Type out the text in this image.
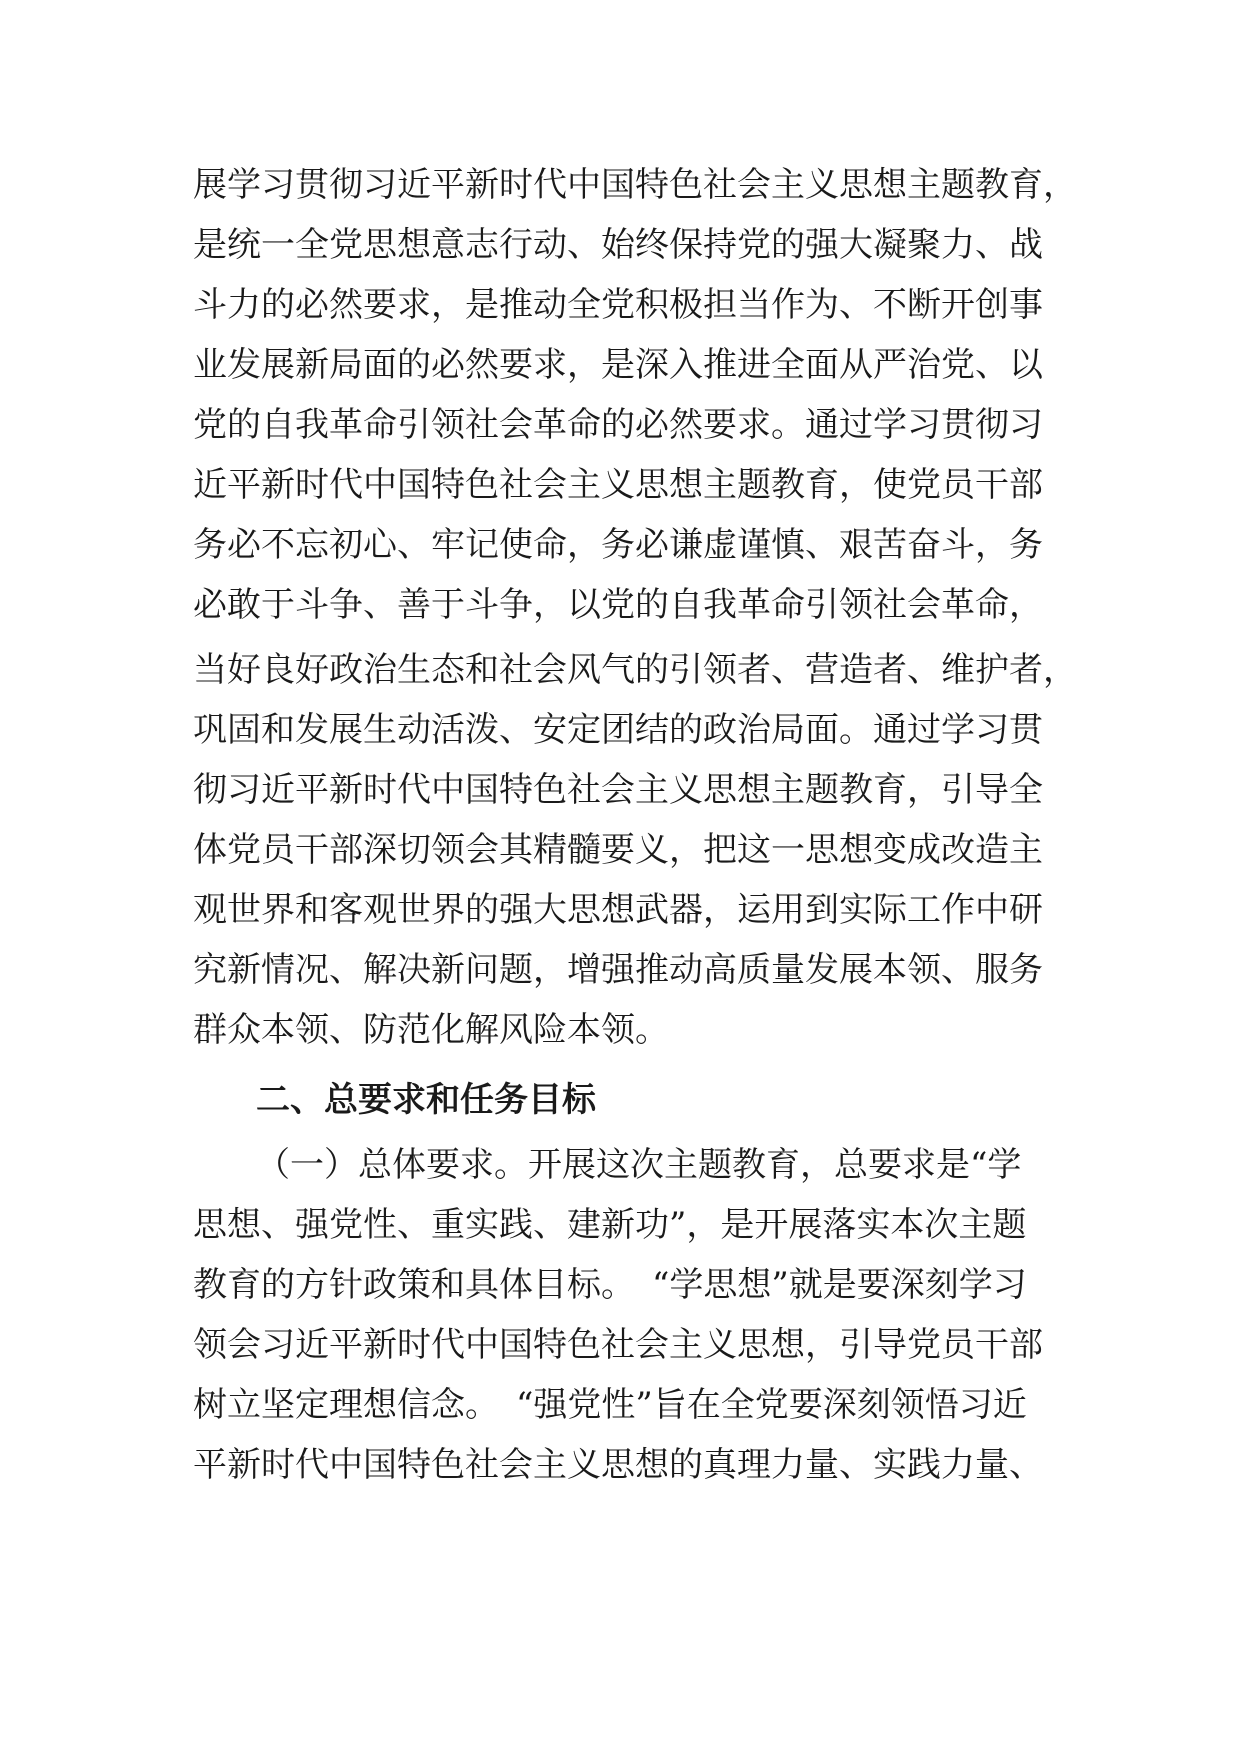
展学习贯彻习近平新时代中国特色社会主义思想主题教育，
是统一全党思想意志行动、始终保持党的强大凝聚力、战
斗力的必然要求，是推动全党积极担当作为、不断开创事
业发展新局面的必然要求，是深入推进全面从严治党、以
党的自我革命引领社会革命的必然要求。通过学习贯彻习
近平新时代中国特色社会主义思想主题教育，使党员干部
务必不忘初心、牢记使命，务必谦虚谨慎、艰苦奋斗，务
必敢于斗争、善于斗争，以党的自我革命引领社会革命，
当好良好政治生态和社会风气的引领者、营造者、维护者，
巩固和发展生动活泼、安定团结的政治局面。通过学习贯
彻习近平新时代中国特色社会主义思想主题教育，引导全
体党员干部深切领会其精髓要义，把这一思想变成改造主
观世界和客观世界的强大思想武器，运用到实际工作中研
究新情况、解决新问题，增强推动高质量发展本领、服务
群众本领、防范化解风险本领。
二、总要求和任务目标
（一）总体要求。开展这次主题教育，总要求是“学
思想、强党性、重实践、建新功”，是开展落实本次主题
教育的方针政策和具体目标。　“学思想”就是要深刻学习
领会习近平新时代中国特色社会主义思想，引导党员干部
树立坚定理想信念。　“强党性”旨在全党要深刻领悟习近
平新时代中国特色社会主义思想的真理力量、实践力量、
